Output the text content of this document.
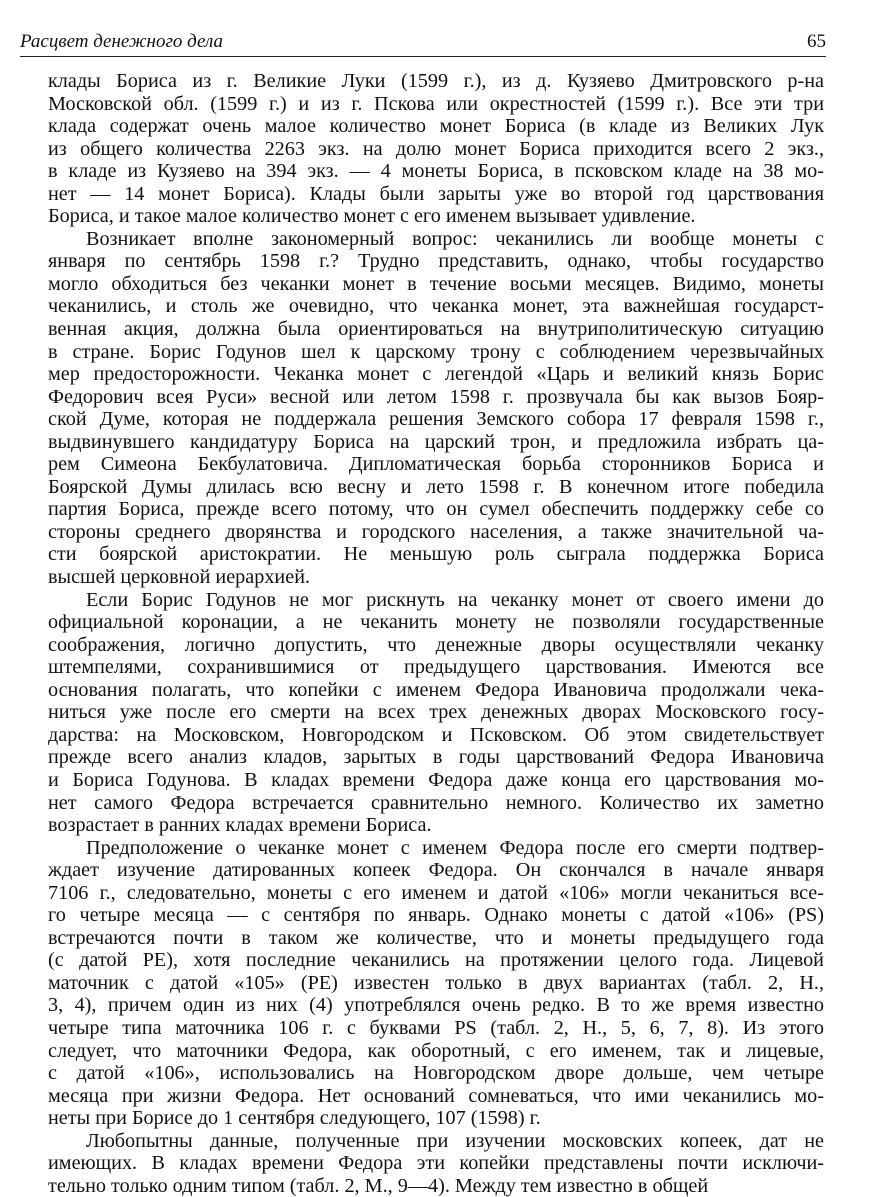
Расцвет денежного дела	65
клады Бориса из г. Великие Луки (1599 г.), из д. Кузяево Дмитровского р-на
Московской обл. (1599 г.) и из г. Пскова или окрестностей (1599 г.). Все эти три
клада содержат очень малое количество монет Бориса (в кладе из Великих Лук
из общего количества 2263 экз. на долю монет Бориса приходится всего 2 экз.,
в кладе из Кузяево на 394 экз. — 4 монеты Бориса, в псковском кладе на 38 мо-
нет — 14 монет Бориса). Клады были зарыты уже во второй год царствования
Бориса, и такое малое количество монет с его именем вызывает удивление.
Возникает вполне закономерный вопрос: чеканились ли вообще монеты с
января по сентябрь 1598 г.? Трудно представить, однако, чтобы государство
могло обходиться без чеканки монет в течение восьми месяцев. Видимо, монеты
чеканились, и столь же очевидно, что чеканка монет, эта важнейшая государст-
венная акция, должна была ориентироваться на внутриполитическую ситуацию
в стране. Борис Годунов шел к царскому трону с соблюдением черезвычайных
мер предосторожности. Чеканка монет с легендой «Царь и великий князь Борис
Федорович всея Руси» весной или летом 1598 г. прозвучала бы как вызов Бояр-
ской Думе, которая не поддержала решения Земского собора 17 февраля 1598 г.,
выдвинувшего кандидатуру Бориса на царский трон, и предложила избрать ца-
рем Симеона Бекбулатовича. Дипломатическая борьба сторонников Бориса и
Боярской Думы длилась всю весну и лето 1598 г. В конечном итоге победила
партия Бориса, прежде всего потому, что он сумел обеспечить поддержку себе со
стороны среднего дворянства и городского населения, а также значительной ча-
сти боярской аристократии. Не меньшую роль сыграла поддержка Бориса
высшей церковной иерархией.
Если Борис Годунов не мог рискнуть на чеканку монет от своего имени до
официальной коронации, а не чеканить монету не позволяли государственные
соображения, логично допустить, что денежные дворы осуществляли чеканку
штемпелями, сохранившимися от предыдущего царствования. Имеются все
основания полагать, что копейки с именем Федора Ивановича продолжали чека-
ниться уже после его смерти на всех трех денежных дворах Московского госу-
дарства: на Московском, Новгородском и Псковском. Об этом свидетельствует
прежде всего анализ кладов, зарытых в годы царствований Федора Ивановича
и Бориса Годунова. В кладах времени Федора даже конца его царствования мо-
нет самого Федора встречается сравнительно немного. Количество их заметно
возрастает в ранних кладах времени Бориса.
Предположение о чеканке монет с именем Федора после его смерти подтвер-
ждает изучение датированных копеек Федора. Он скончался в начале января
7106 г., следовательно, монеты с его именем и датой «106» могли чеканиться все-
го четыре месяца — с сентября по январь. Однако монеты с датой «106» (PS)
встречаются почти в таком же количестве, что и монеты предыдущего года
(с датой PE), хотя последние чеканились на протяжении целого года. Лицевой
маточник с датой «105» (PE) известен только в двух вариантах (табл. 2, Н.,
3, 4), причем один из них (4) употреблялся очень редко. В то же время известно
четыре типа маточника 106 г. с буквами PS (табл. 2, Н., 5, 6, 7, 8). Из этого
следует, что маточники Федора, как оборотный, с его именем, так и лицевые,
с датой «106», использовались на Новгородском дворе дольше, чем четыре
месяца при жизни Федора. Нет оснований сомневаться, что ими чеканились мо-
неты при Борисе до 1 сентября следующего, 107 (1598) г.
Любопытны данные, полученные при изучении московских копеек, дат не
имеющих. В кладах времени Федора эти копейки представлены почти исключи-
тельно только одним типом (табл. 2, М., 9—4). Между тем известно в общей
